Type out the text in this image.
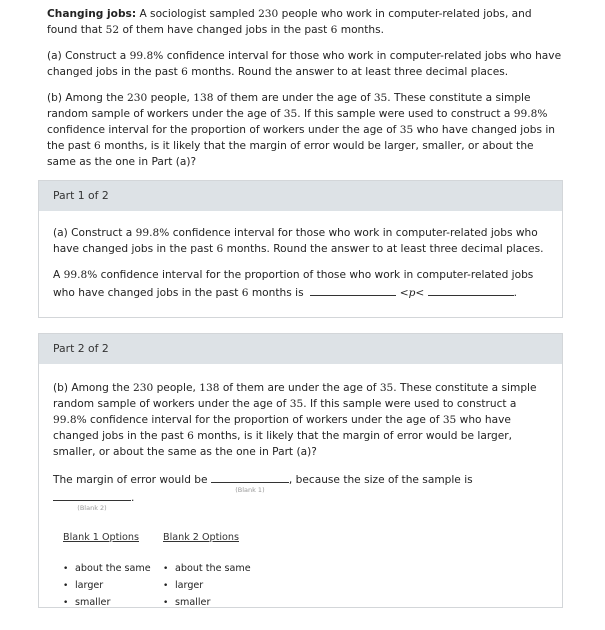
Changing jobs: A sociologist sampled 230 people who work in computer-related jobs, and found that 52 of them have changed jobs in the past 6 months.

(a) Construct a 99.8% confidence interval for those who work in computer-related jobs who have changed jobs in the past 6 months. Round the answer to at least three decimal places.

(b) Among the 230 people, 138 of them are under the age of 35. These constitute a simple random sample of workers under the age of 35. If this sample were used to construct a 99.8% confidence interval for the proportion of workers under the age of 35 who have changed jobs in the past 6 months, is it likely that the margin of error would be larger, smaller, or about the same as the one in Part (a)?

Part 1 of 2

(a) Construct a 99.8% confidence interval for those who work in computer-related jobs who have changed jobs in the past 6 months. Round the answer to at least three decimal places.

A 99.8% confidence interval for the proportion of those who work in computer-related jobs who have changed jobs in the past 6 months is	<p<	.

Part 2 of 2

(b) Among the 230 people, 138 of them are under the age of 35. These constitute a simple random sample of workers under the age of 35. If this sample were used to construct a 99.8% confidence interval for the proportion of workers under the age of 35 who have changed jobs in the past 6 months, is it likely that the margin of error would be larger, smaller, or about the same as the one in Part (a)?

The margin of error would be
(Blank 1)
, because the size of the sample is
(Blank 2)
.

Blank 1 Options
• about the same
• larger
• smaller
Blank 2 Options
• about the same
• larger
• smaller
